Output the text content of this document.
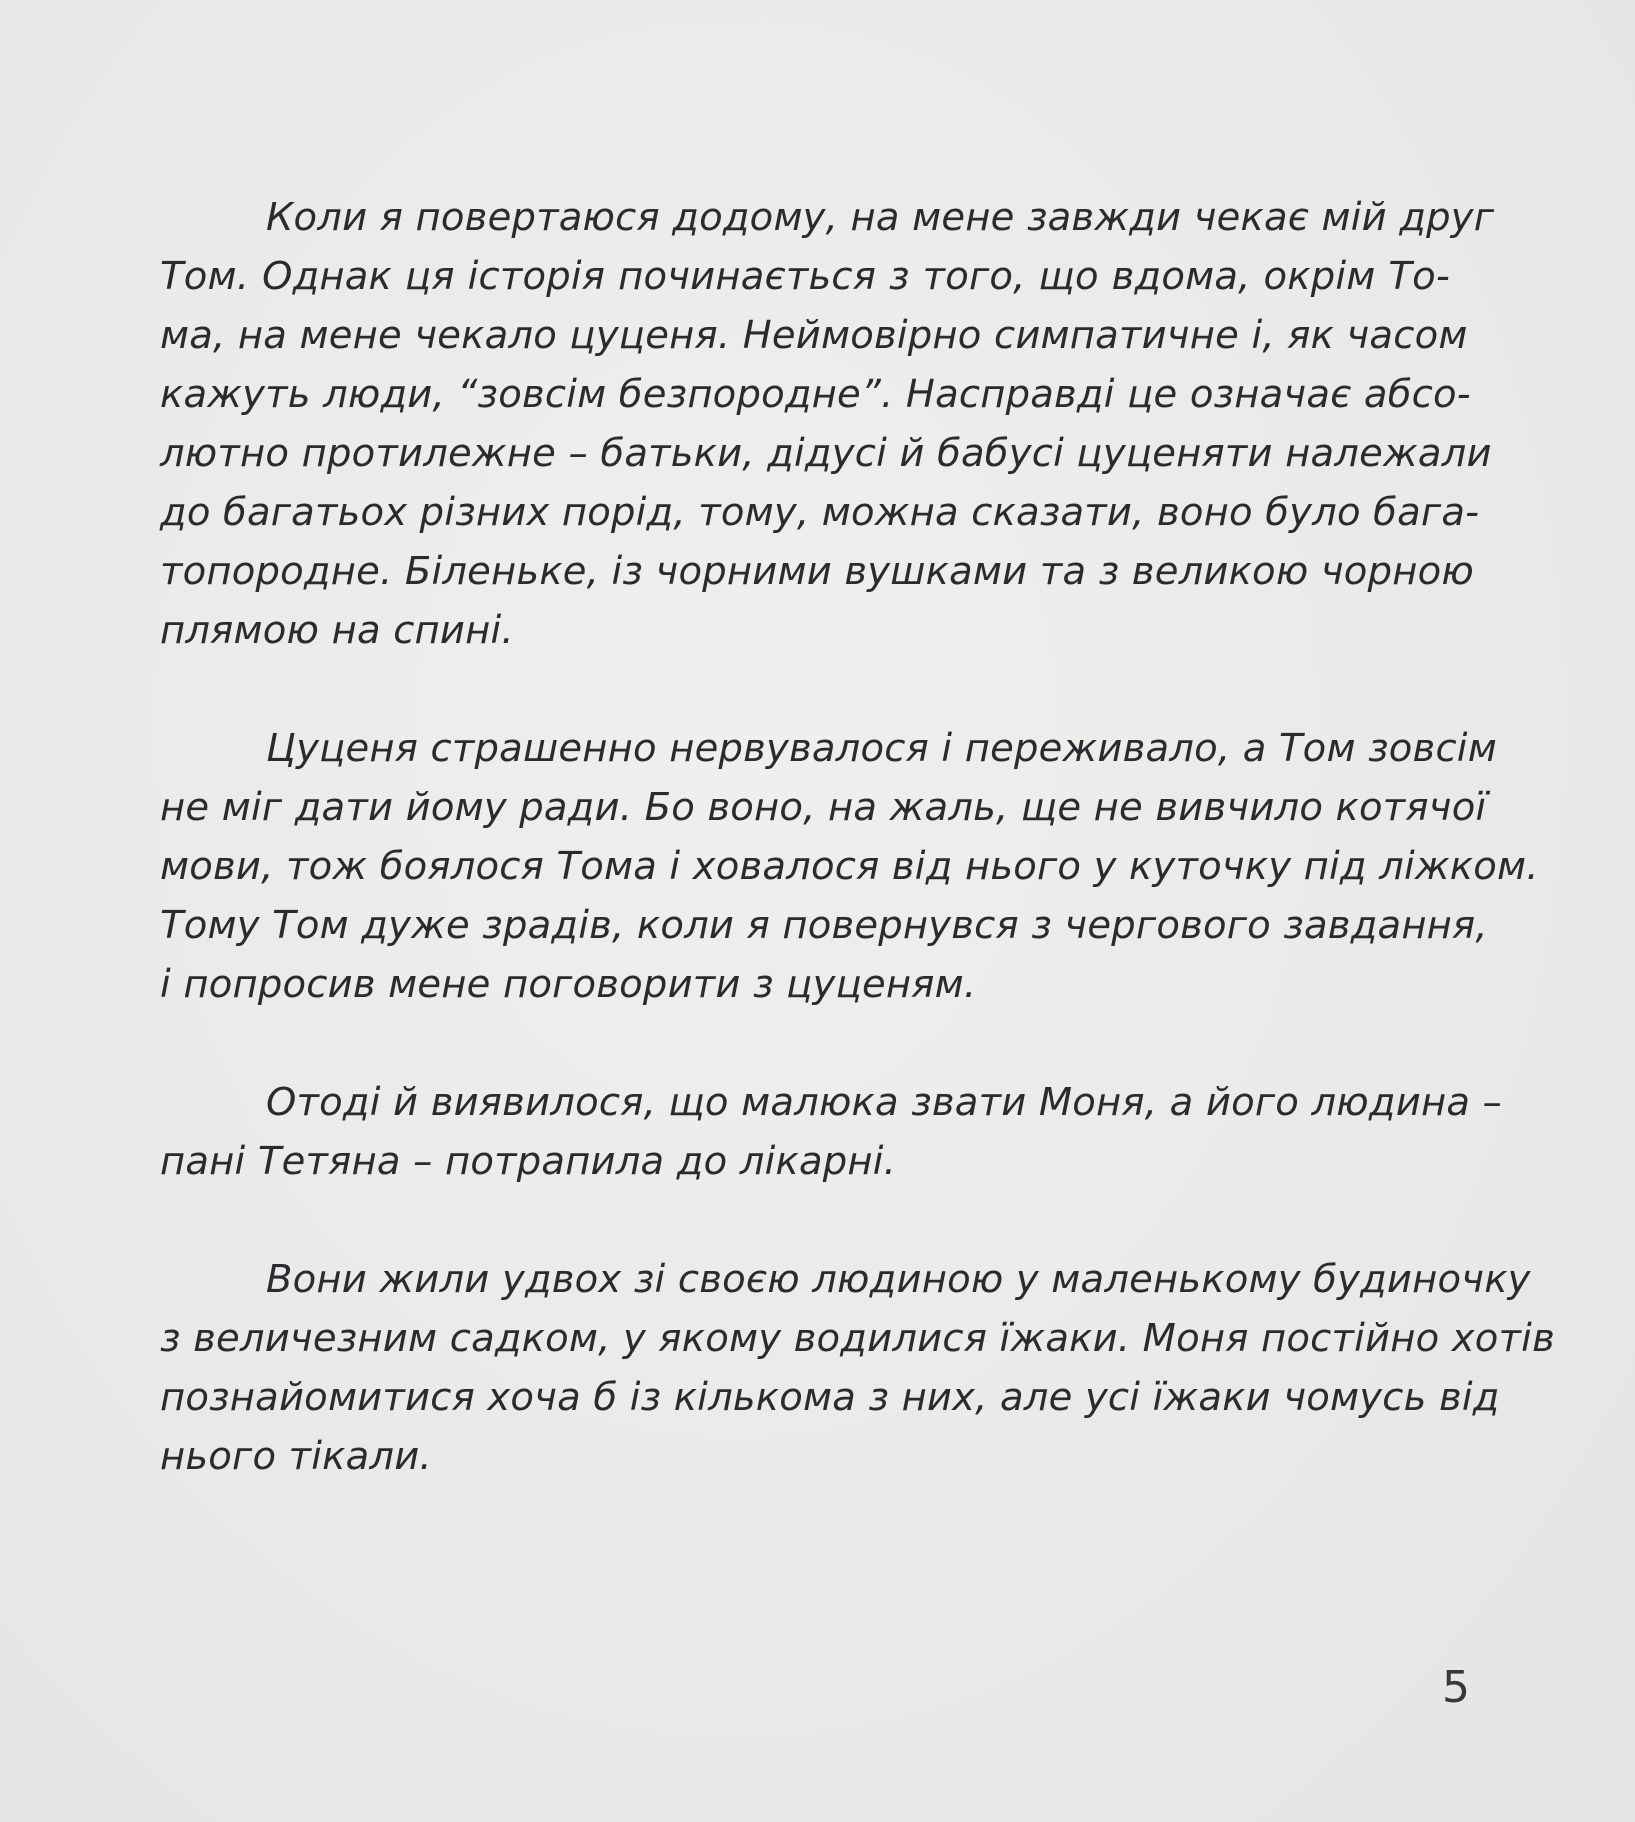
Коли я повертаюся додому, на мене завжди чекає мій друг
Том. Однак ця історія починається з того, що вдома, окрім То-
ма, на мене чекало цуценя. Неймовірно симпатичне і, як часом
кажуть люди, “зовсім безпородне”. Насправді це означає абсо-
лютно протилежне – батьки, дідусі й бабусі цуценяти належали
до багатьох різних порід, тому, можна сказати, воно було бага-
топородне. Біленьке, із чорними вушками та з великою чорною
плямою на спині.
Цуценя страшенно нервувалося і переживало, а Том зовсім
не міг дати йому ради. Бо воно, на жаль, ще не вивчило котячої
мови, тож боялося Тома і ховалося від нього у куточку під ліжком.
Тому Том дуже зрадів, коли я повернувся з чергового завдання,
і попросив мене поговорити з цуценям.
Отоді й виявилося, що малюка звати Моня, а його людина –
пані Тетяна – потрапила до лікарні.
Вони жили удвох зі своєю людиною у маленькому будиночку
з величезним садком, у якому водилися їжаки. Моня постійно хотів
познайомитися хоча б із кількома з них, але усі їжаки чомусь від
нього тікали.
5
